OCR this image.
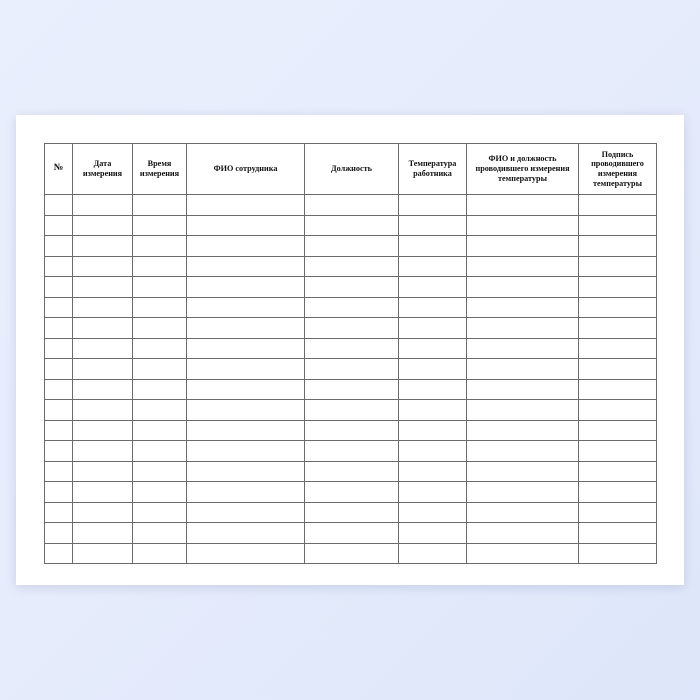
№	Дата измерения	Время измерения	ФИО сотрудника	Должность	Температура работника	ФИО и должность проводившего измерения температуры	Подпись проводившего измерения температуры
